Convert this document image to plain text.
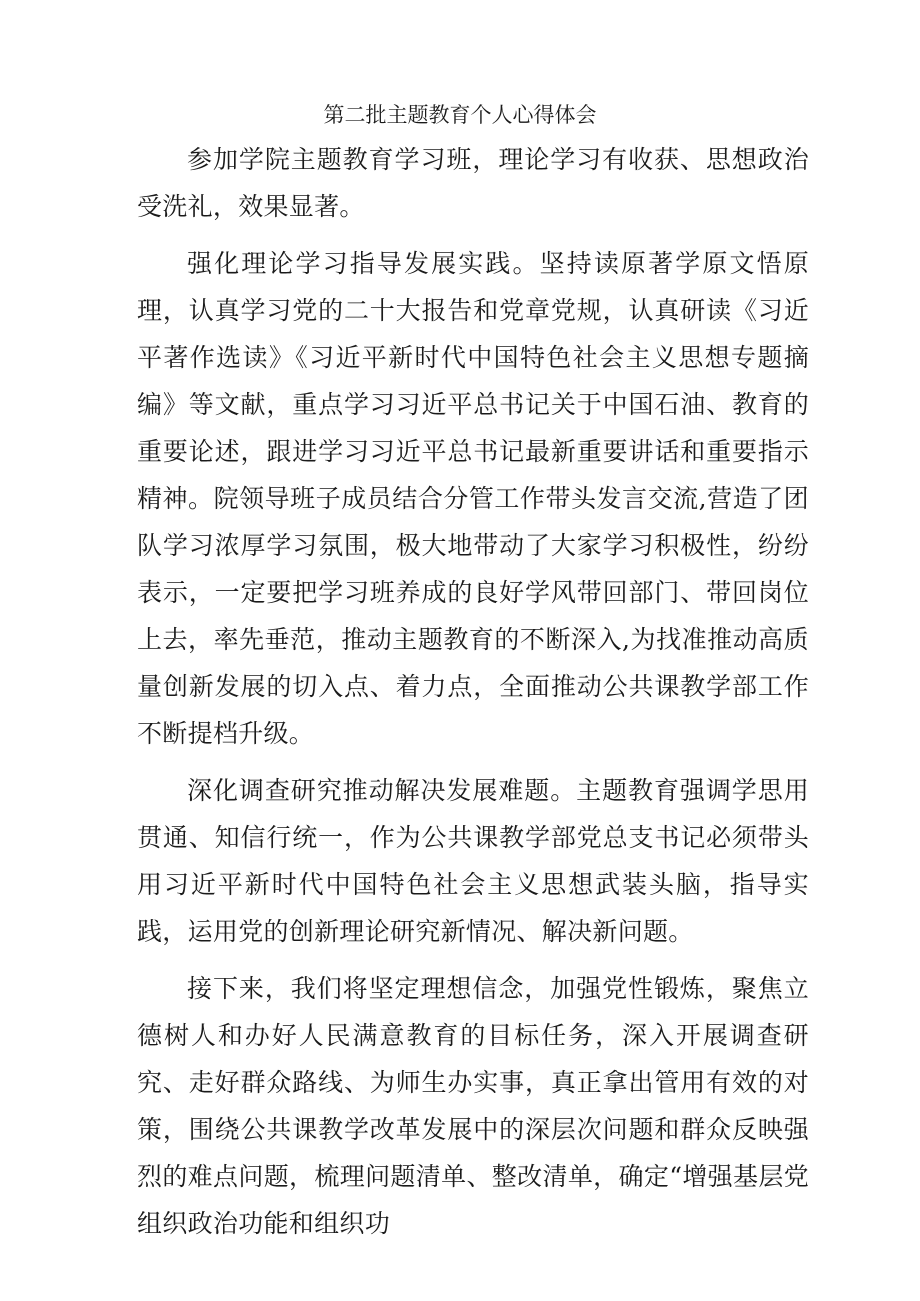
第二批主题教育个人心得体会

参加学院主题教育学习班，理论学习有收获、思想政治受洗礼，效果显著。

强化理论学习指导发展实践。坚持读原著学原文悟原理，认真学习党的二十大报告和党章党规，认真研读《习近平著作选读》《习近平新时代中国特色社会主义思想专题摘编》等文献，重点学习习近平总书记关于中国石油、教育的重要论述，跟进学习习近平总书记最新重要讲话和重要指示精神。院领导班子成员结合分管工作带头发言交流,营造了团队学习浓厚学习氛围，极大地带动了大家学习积极性，纷纷表示，一定要把学习班养成的良好学风带回部门、带回岗位上去，率先垂范，推动主题教育的不断深入,为找准推动高质量创新发展的切入点、着力点，全面推动公共课教学部工作不断提档升级。

深化调查研究推动解决发展难题。主题教育强调学思用贯通、知信行统一，作为公共课教学部党总支书记必须带头用习近平新时代中国特色社会主义思想武装头脑，指导实践，运用党的创新理论研究新情况、解决新问题。

接下来，我们将坚定理想信念，加强党性锻炼，聚焦立德树人和办好人民满意教育的目标任务，深入开展调查研究、走好群众路线、为师生办实事，真正拿出管用有效的对策，围绕公共课教学改革发展中的深层次问题和群众反映强烈的难点问题，梳理问题清单、整改清单，确定“增强基层党组织政治功能和组织功
